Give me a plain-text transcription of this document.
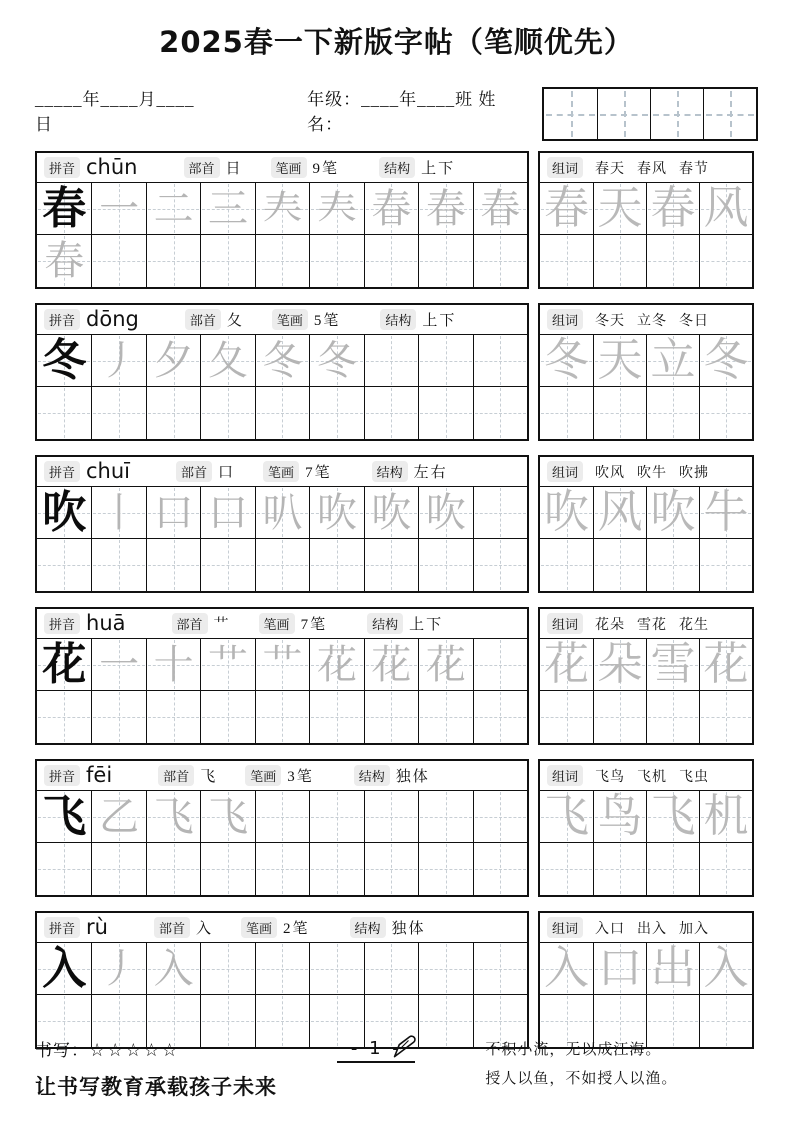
2025春一下新版字帖（笔顺优先）
_____年____月____日
年级：____年____班 姓名：
拼音 chūn	部首 日	笔画 9笔	结构 上下
春 一 二 三 𡗗 𡗗 春 春 春
春
组词	春天 春风 春节
春 天 春 风
拼音 dōng	部首 夂	笔画 5笔	结构 上下
冬 丿 夕 夂 冬 冬
组词	冬天 立冬 冬日
冬 天 立 冬
拼音 chuī	部首 口	笔画 7笔	结构 左右
吹 丨 口 口 叭 吹 吹 吹
组词	吹风 吹牛 吹拂
吹 风 吹 牛
拼音 huā	部首 艹	笔画 7笔	结构 上下
花 一 十 艹 艹 花 花 花
组词	花朵 雪花 花生
花 朵 雪 花
拼音 fēi	部首 飞	笔画 3笔	结构 独体
飞 乙 飞 飞
组词	飞鸟 飞机 飞虫
飞 鸟 飞 机
拼音 rù	部首 入	笔画 2笔	结构 独体
入 丿 入
组词	入口 出入 加入
入 口 出 入
书写：☆☆☆☆☆
让书写教育承载孩子未来
- 1 -	不积小流，无以成江海。
授人以鱼，不如授人以渔。
